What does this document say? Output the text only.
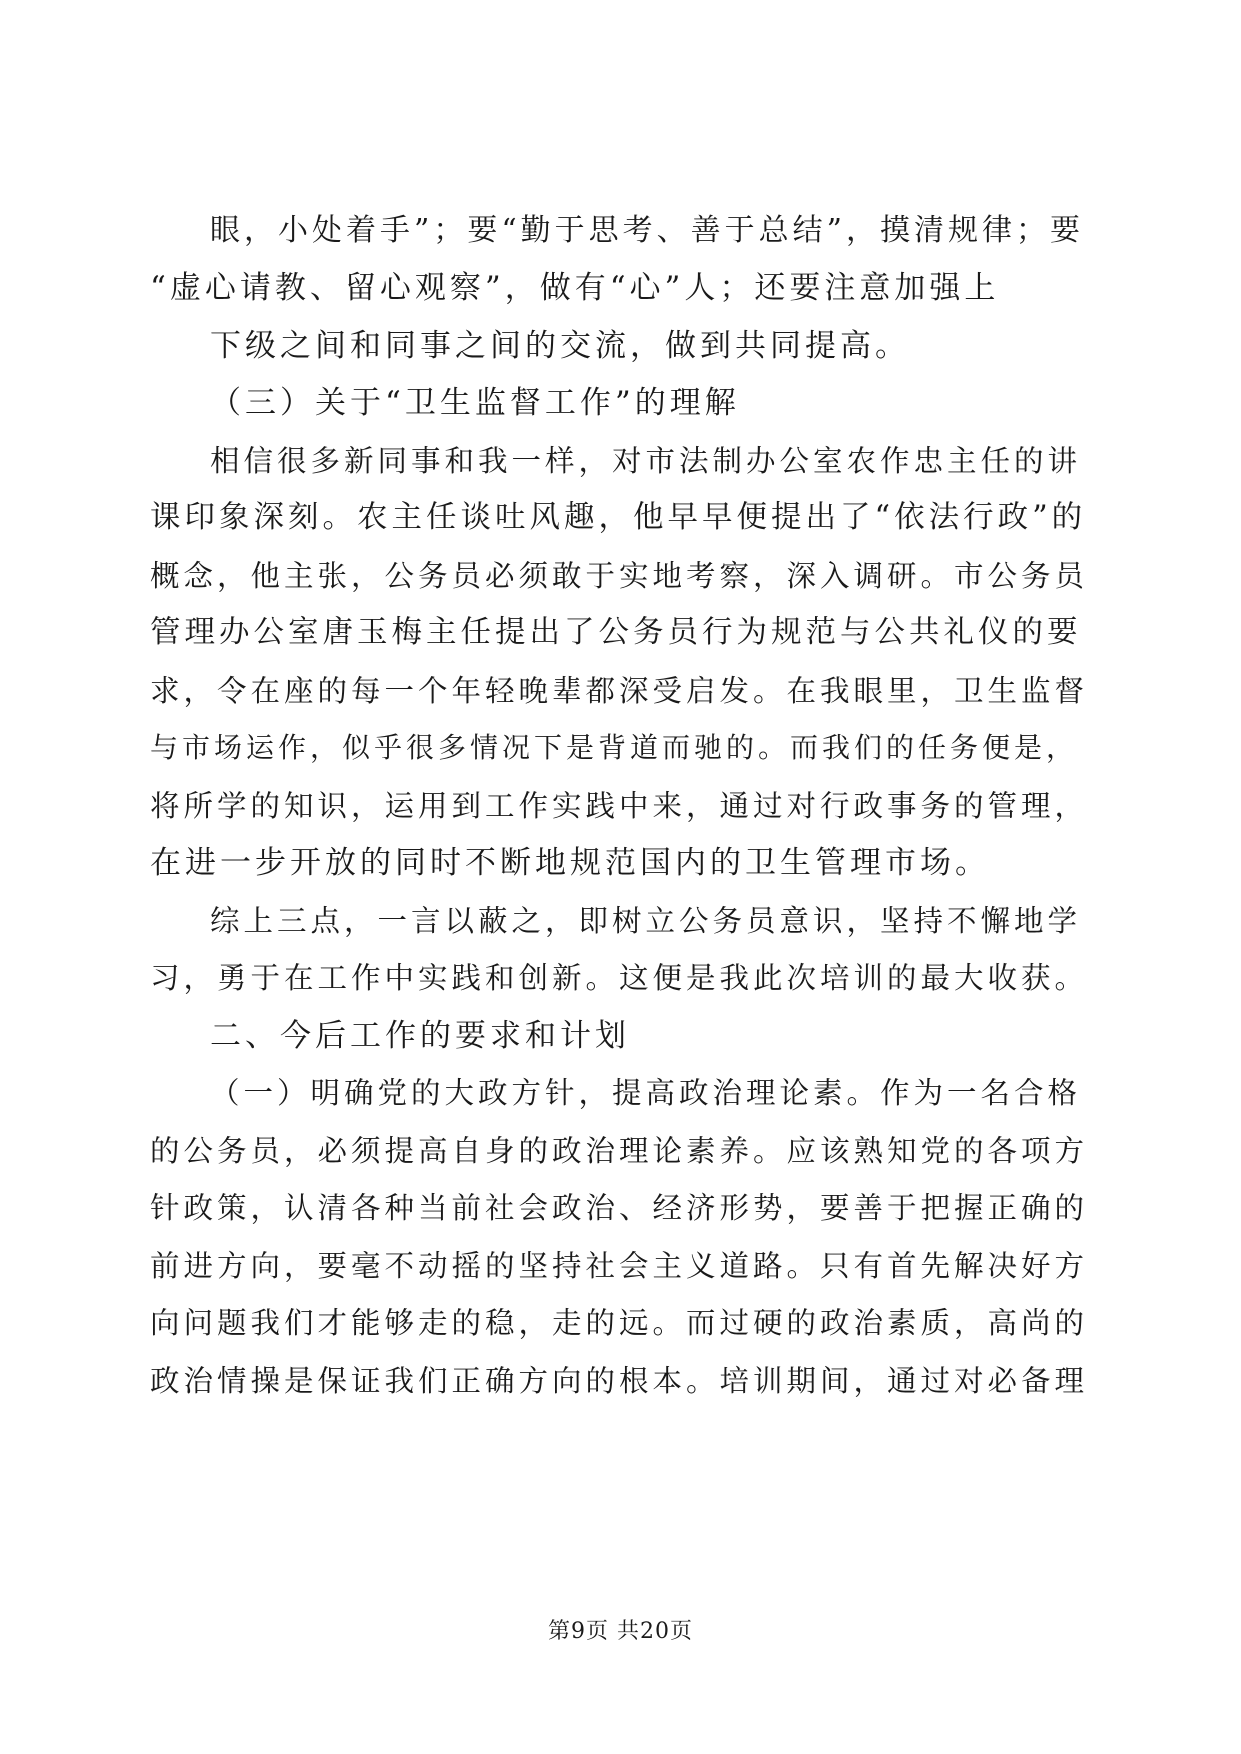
眼，小处着手”；要“勤于思考、善于总结”，摸清规律；要
“虚心请教、留心观察”，做有“心”人；还要注意加强上
下级之间和同事之间的交流，做到共同提高。
（三）关于“卫生监督工作”的理解
相信很多新同事和我一样，对市法制办公室农作忠主任的讲
课印象深刻。农主任谈吐风趣，他早早便提出了“依法行政”的
概念，他主张，公务员必须敢于实地考察，深入调研。市公务员
管理办公室唐玉梅主任提出了公务员行为规范与公共礼仪的要
求，令在座的每一个年轻晚辈都深受启发。在我眼里，卫生监督
与市场运作，似乎很多情况下是背道而驰的。而我们的任务便是，
将所学的知识，运用到工作实践中来，通过对行政事务的管理，
在进一步开放的同时不断地规范国内的卫生管理市场。
综上三点，一言以蔽之，即树立公务员意识，坚持不懈地学
习，勇于在工作中实践和创新。这便是我此次培训的最大收获。
二、今后工作的要求和计划
（一）明确党的大政方针，提高政治理论素。作为一名合格
的公务员，必须提高自身的政治理论素养。应该熟知党的各项方
针政策，认清各种当前社会政治、经济形势，要善于把握正确的
前进方向，要毫不动摇的坚持社会主义道路。只有首先解决好方
向问题我们才能够走的稳，走的远。而过硬的政治素质，高尚的
政治情操是保证我们正确方向的根本。培训期间，通过对必备理
第9页 共20页
